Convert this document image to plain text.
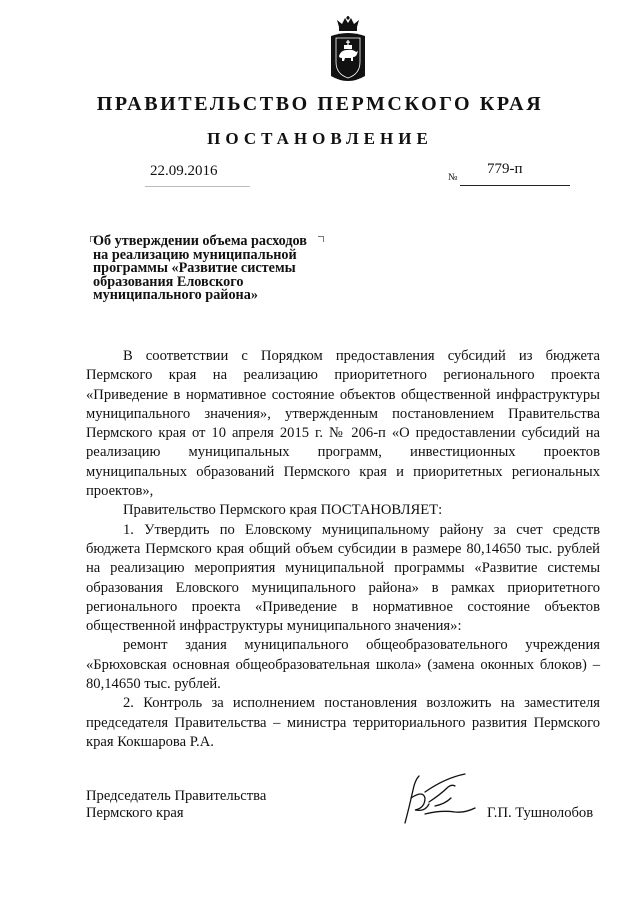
ПРАВИТЕЛЬСТВО ПЕРМСКОГО КРАЯ
ПОСТАНОВЛЕНИЕ
22.09.2016	779-п
№
Об утверждении объема расходов
на реализацию муниципальной
программы «Развитие системы
образования Еловского
муниципального района»

В соответствии с Порядком предоставления субсидий из бюджета Пермского края на реализацию приоритетного регионального проекта «Приведение в нормативное состояние объектов общественной инфраструктуры муниципального значения», утвержденным постановлением Правительства Пермского края от 10 апреля 2015 г. № 206-п «О предоставлении субсидий на реализацию муниципальных программ, инвестиционных проектов муниципальных образований Пермского края и приоритетных региональных проектов»,

Правительство Пермского края ПОСТАНОВЛЯЕТ:

1. Утвердить по Еловскому муниципальному району за счет средств бюджета Пермского края общий объем субсидии в размере 80,14650 тыс. рублей на реализацию мероприятия муниципальной программы «Развитие системы образования Еловского муниципального района» в рамках приоритетного регионального проекта «Приведение в нормативное состояние объектов общественной инфраструктуры муниципального значения»:

ремонт здания муниципального общеобразовательного учреждения «Брюховская основная общеобразовательная школа» (замена оконных блоков) – 80,14650 тыс. рублей.

2. Контроль за исполнением постановления возложить на заместителя председателя Правительства – министра территориального развития Пермского края Кокшарова Р.А.

Председатель Правительства
Пермского края	Г.П. Тушнолобов
